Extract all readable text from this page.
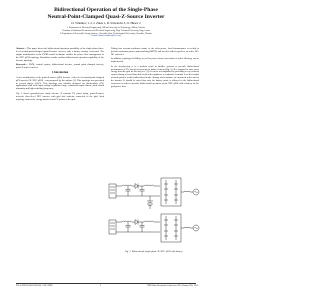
Bidirectional Operation of the Single-Phase
Neutral-Point-Clamped Quasi-Z-Source Inverter
D. Vinnikov 1, 2, I. Zakis 1, R. Strzelecki 3, O. Husev 2
1 Department of Electrical Engineering, Tallinn University of Technology, Tallinn, Estonia
2 Institute of Industrial Electronics and Electrical Engineering, Riga Technical University, Riga, Latvia
3 Department of Renewable Energy Sources, Chernihiv State Technological University, Chernihiv, Ukraine
E-mail: dmitri.vinnikov@ieee.org

Abstract— This paper shows the bidirectional operation possibility of the single phase three-level neutral-point-clamped quasi-Z-source inverter with a battery storage connected. The simple modification of the PWM control technique enables the power flow management of the NPC qZSI topology. Simulation results confirm bidirectional operation capability of the inverter topology.

Keywords— PWM, control system, bidirectional inverter, neutral point clamped inverter, quasi-Z-source inverter.

I. Introduction

A new modification of the quasi-Z-source (qZS) inverter - three-level neutral-point-clamped qZS inverter (3L NPC qZSI) - was proposed by the authors [1]. This topology was presented in several papers [2]-[5]. This topology was initially designed for photovoltaic (PV) applications with wide input voltage regulation range, continuous input current, short circuit immunity and high switching frequency.

Fig. 1 shows grounded-case study scheme. It contains PV panel string, quasi-Z-source network, three-level NPC inverter with grid side inductor connected to the grid. Such topology ensures the energy transfer from PV panels to the grid.

Taking into account stochastic nature of the solar power, local infrastructure is needed to perform maximum power point tracking (MPPT) and inverter with its good for an active DC-DC converter.

In addition, topology flexibility, as well as power factor corrections or active filtering, can be implemented.

In the step-by-step it is a modern trend in smaller systems to provide bidirectional performance of PV inverters by means of buffer element (Fig. 1). It is required to store some energy from the grid for the day (see [1]). It can be accomplished by providing a very efficient system during several hours that work with regulators, a conductive terminal is on the neutral network point to realise bidirectional mode. Storage and resistance are measured at the start of the transfer. It should be noted that only the battery mode is allowed in the bidirectional converters in order to provide bidirectional operation of the NPC qZSI with a battery for the grid power flow.

Fig. 1. Bidirectional single-phase 3L NPC qZSI with battery.
978-1-4799-0224-8/13/$31.00 ©2013 IEEE	2	IEEE Pulse Electronics Conference 2013, Boston, MA, USA
